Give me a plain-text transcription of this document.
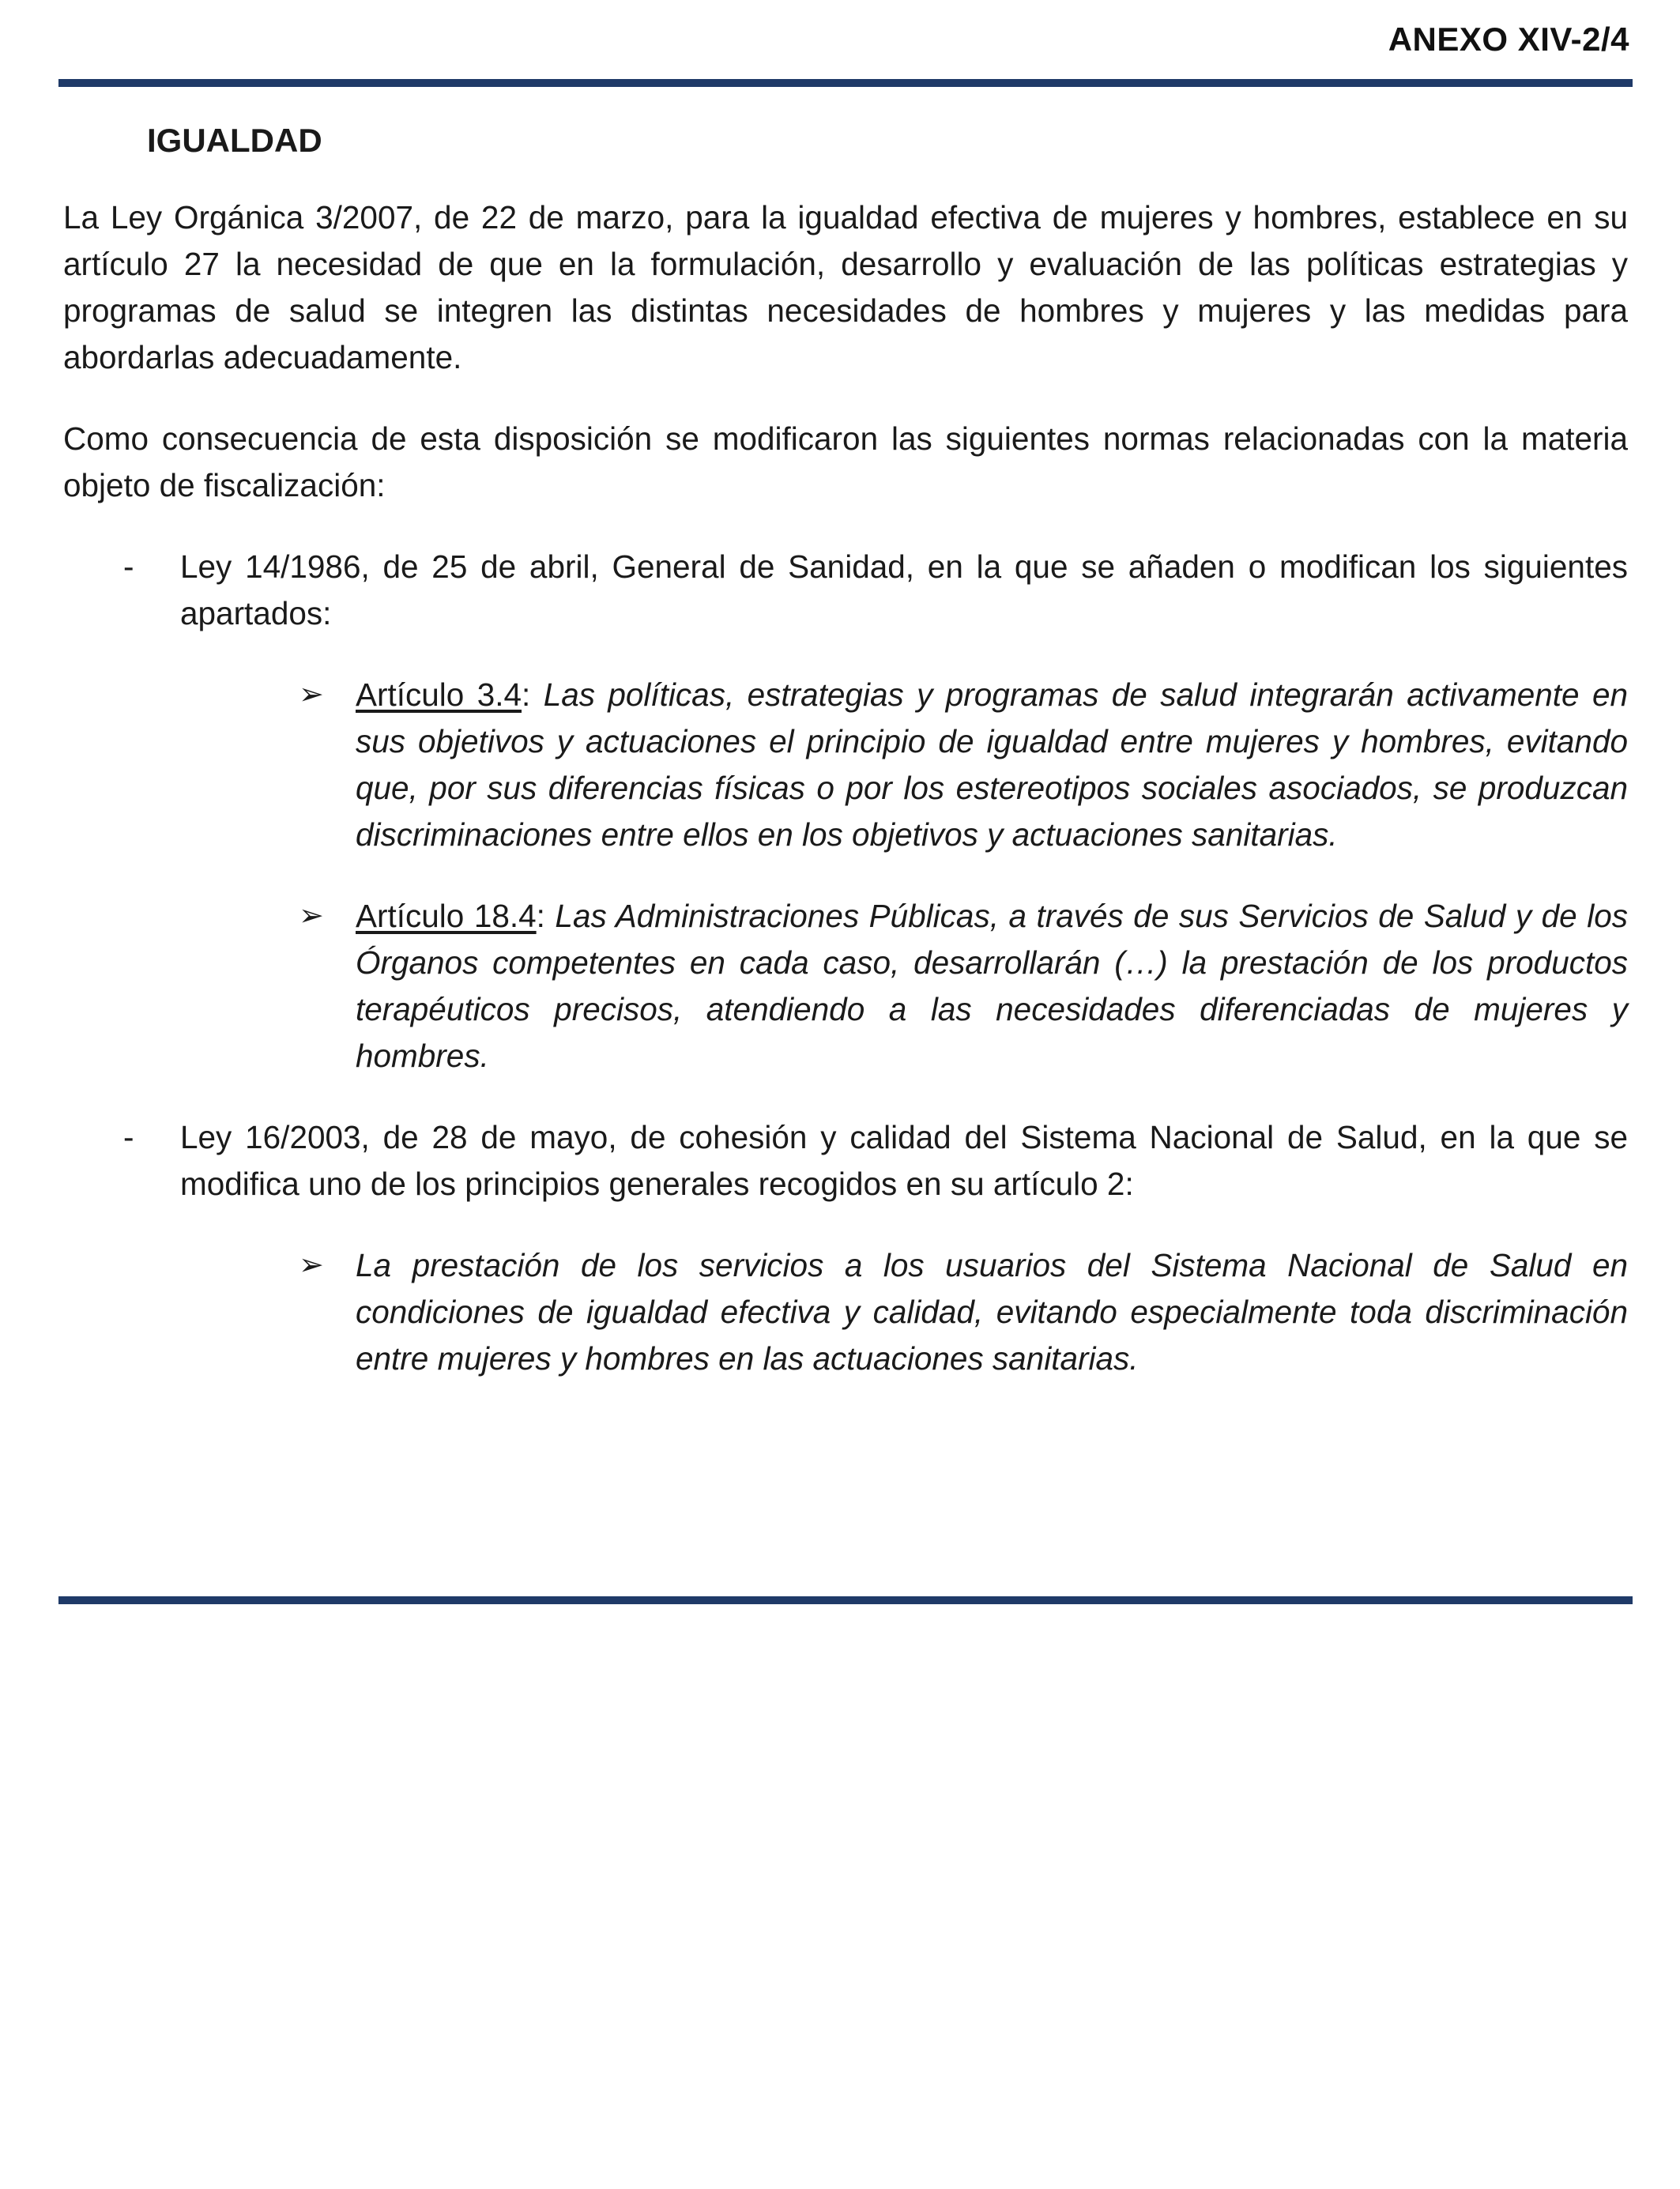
ANEXO XIV-2/4
IGUALDAD

La Ley Orgánica 3/2007, de 22 de marzo, para la igualdad efectiva de mujeres y hombres, establece en su artículo 27 la necesidad de que en la formulación, desarrollo y evaluación de las políticas estrategias y programas de salud se integren las distintas necesidades de hombres y mujeres y las medidas para abordarlas adecuadamente.

Como consecuencia de esta disposición se modificaron las siguientes normas relacionadas con la materia objeto de fiscalización:

- Ley 14/1986, de 25 de abril, General de Sanidad, en la que se añaden o modifican los siguientes apartados:
➢ Artículo 3.4: Las políticas, estrategias y programas de salud integrarán activamente en sus objetivos y actuaciones el principio de igualdad entre mujeres y hombres, evitando que, por sus diferencias físicas o por los estereotipos sociales asociados, se produzcan discriminaciones entre ellos en los objetivos y actuaciones sanitarias.
➢ Artículo 18.4: Las Administraciones Públicas, a través de sus Servicios de Salud y de los Órganos competentes en cada caso, desarrollarán (…) la prestación de los productos terapéuticos precisos, atendiendo a las necesidades diferenciadas de mujeres y hombres.
- Ley 16/2003, de 28 de mayo, de cohesión y calidad del Sistema Nacional de Salud, en la que se modifica uno de los principios generales recogidos en su artículo 2:
➢ La prestación de los servicios a los usuarios del Sistema Nacional de Salud en condiciones de igualdad efectiva y calidad, evitando especialmente toda discriminación entre mujeres y hombres en las actuaciones sanitarias.
